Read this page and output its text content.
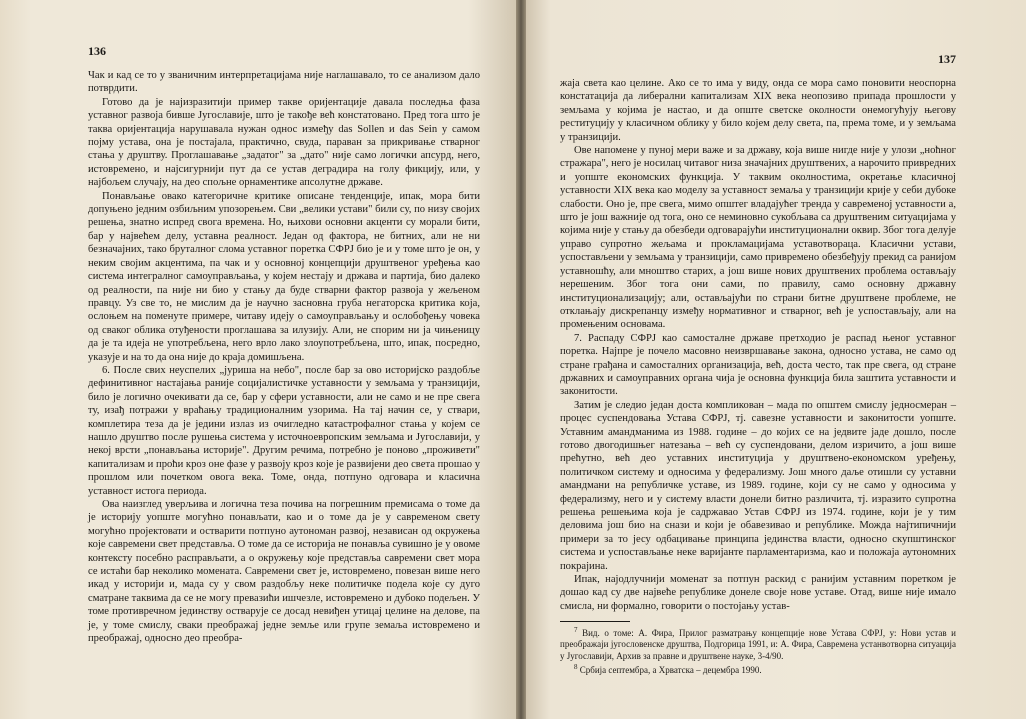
136

Чак и кад се то у званичним интерпретацијама није наглашавало, то се анализом дало потврдити.

Готово да је најизразитији пример такве оријентације давала последња фаза уставног развоја бивше Југославије, што је такође већ констатовано. Пред тога што је таква оријентација нарушавала нужан однос између das Sollen и das Sein у самом појму устава, она је постајала, практично, свуда, параван за прикривање стварног стања у друштву. Проглашавање „задатог" за „дато" није само логички апсурд, него, истовремено, и најсигурнији пут да се устав деградира на голу фикцију, или, у најбољем случају, на део спољне орнаментике апсолутне државе.

Понављање овако категоричне критике описане тенденције, ипак, мора бити допуњено једним озбиљним упозорењем. Сви „велики устави" били су, по низу својих решења, знатно испред свога времена. Но, њихови основни акценти су морали бити, бар у највећем делу, уставна реалност. Један од фактора, не битних, али не ни безначајних, тако бруталног слома уставног поретка СФРЈ био је и у томе што је он, у неким својим акцентима, па чак и у основној концепцији друштвеног уређења као система интегралног самоуправљања, у којем нестају и држава и партија, био далеко од реалности, па није ни био у стању да буде стварни фактор развоја у жељеном правцу. Уз све то, не мислим да је научно засновна груба негаторска критика која, ослоњем на поменуте примере, читаву идеју о самоуправљању и ослобођењу човека од сваког облика отуђености проглашава за илузију. Али, не спорим ни ја чињеницу да је та идеја не употребљена, него врло лако злоупотребљена, што, ипак, посредно, указује и на то да она није до краја домишљена.

6. После свих неуспелих „јуриша на небо", после бар за ово историјско раздобље дефинитивног настајања раније социјалистичке уставности у земљама у транзицији, било је логично очекивати да се, бар у сфери уставности, али не само и не пре свега ту, изађ потражи у враћању традиционалним узорима. На тај начин се, у ствари, комплетира теза да је једини излаз из очигледно катастрофалног стања у којем се нашло друштво после рушења система у источноевропским земљама и Југославији, у некој врсти „понављања историје". Другим речима, потребно је поново „проживети" капитализам и проћи кроз оне фазе у развоју кроз које је развијени део света прошао у прошлом или почетком овога века. Томе, онда, потпуно одговара и класична уставност истога периода.

Ова наизглед уверљива и логична теза почива на погрешним премисама о томе да је историју уопште могућно понављати, као и о томе да је у савременом свету могућно пројектовати и остварити потпуно аутономан развој, независан од окружења које савремени свет представља. О томе да се историја не понавља сувишно је у овоме контексту посебно расправљати, а о окружењу које представља савремени свет мора се истаћи бар неколико момената. Савремени свет је, истовремено, повезан више него икад у историји и, мада су у свом раздобљу неке политичке подела које су дуго сматране таквима да се не могу превазићи ишчезле, истовремено и дубоко подељен. У томе противречном јединству остварује се досад невиђен утицај целине на делове, па је, у томе смислу, сваки преображај једне земље или групе земаља истовремено и преображај, односно део преобра-

137

жаја света као целине. Ако се то има у виду, онда се мора само поновити неоспорна констатација да либерални капитализам XIX века неопозиво припада прошлости у земљама у којима је настао, и да опште светске околности онемогућују његову реституцију у класичном облику у било којем делу света, па, према томе, и у земљама у транзицији.

Ове напомене у пуној мери важе и за државу, која више нигде није у улози „ноћног стражара", него је носилац читавог низа значајних друштвених, а нарочито привредних и уопште економских функција. У таквим околностима, окретање класичној уставности XIX века као моделу за уставност земаља у транзицији крије у себи дубоке слабости. Оно је, пре свега, мимо општег владајућег тренда у савременој уставности а, што је још важније од тога, оно се неминовно сукобљава са друштвеним ситуацијама у којима није у стању да обезбеди одговарајући институционални оквир. Због тога делује управо супротно жељама и прокламацијама уставотвораца. Класични устави, успостављени у земљама у транзицији, само привремено обезбеђују прекид са ранијом уставношћу, али мноштво старих, а још више нових друштвених проблема остављају нерешеним. Због тога они сами, по правилу, само основну државну институционализацију; али, остављајући по страни битне друштвене проблеме, не отклањају дискрепанцу између нормативног и стварног, већ је успостављају, али на промењеним основама.

7. Распаду СФРЈ као самосталне државе претходио је распад њеног уставног поретка. Најпре је почело масовно неизвршавање закона, односно устава, не само од стране грађана и самосталних организација, већ, доста честo, так пре свега, од стране државних и самоуправних органа чија је основна функција била заштита уставности и законитости.

Затим је следио један доста компликован – мада по општем смислу једносмеран – процес суспендовања Устава СФРЈ, тј. савезне уставности и законитости уопште. Уставним амандманима из 1988. године – до којих се на једвите јаде дошло, после готово двогодишњег натезања – већ су суспендовани, делом изричито, а још више прећутно, већ део уставних институција у друштвено-економском уређењу, политичком систему и односима у федерализму. Још много даље отишли су уставни амандмани на републичке уставе, из 1989. године, који су не само у односима у федерализму, него и у систему власти донели битно различита, тј. изразито супротна решења решењима која је садржавао Устав СФРЈ из 1974. године, који је у тим деловима још био на снази и који је обавезивао и републике. Можда најтипичнији примери за то јесу одбацивање принципа јединства власти, односно скупштинског система и успостављање неке варијанте парламентаризма, као и положаја аутономних покрајина.

Ипак, најодлучнији моменат за потпун раскид с ранијим уставним поретком је дошао кад су две највеће републике донеле своје нове уставе. Отад, више није имало смисла, ни формално, говорити о постојању устав-

$^7$ Вид. о томе: А. Фира, Прилог разматрању концепције нове Устава СФРЈ, у: Нови устав и преображаји југословенске друштва, Подгорица 1991, и: А. Фира, Савремена устанвотворна ситуација у Југославији, Архив за правне и друштвене науке, 3-4/90.

$^8$ Србија септембра, а Хрватска – децембра 1990.
